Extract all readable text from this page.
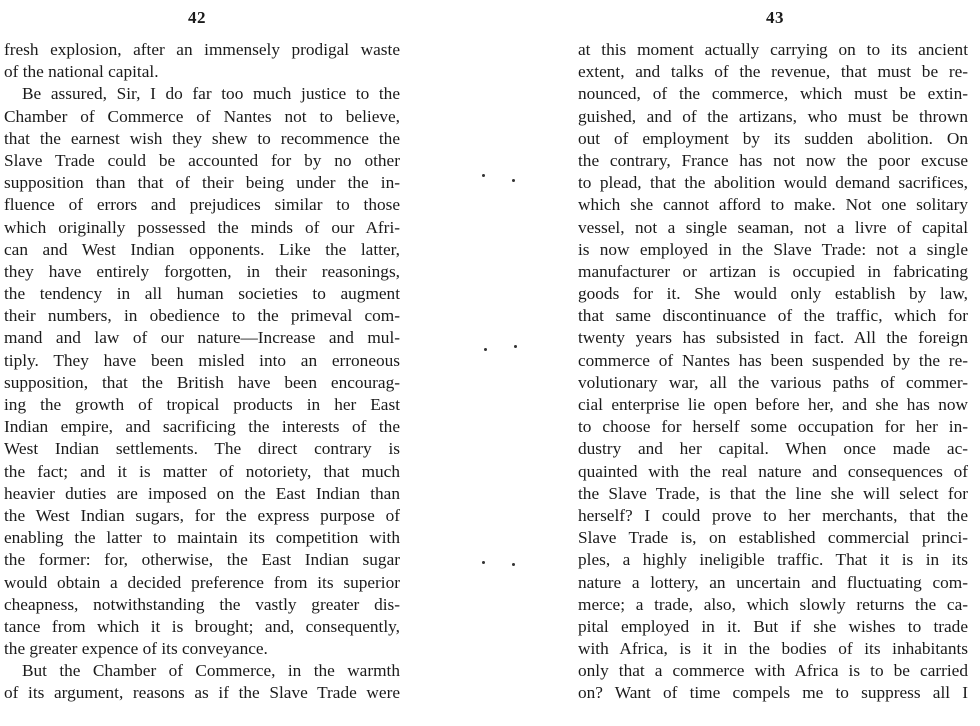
42
fresh explosion, after an immensely prodigal waste
of the national capital.
Be assured, Sir, I do far too much justice to the
Chamber of Commerce of Nantes not to believe,
that the earnest wish they shew to recommence the
Slave Trade could be accounted for by no other
supposition than that of their being under the in-
fluence of errors and prejudices similar to those
which originally possessed the minds of our Afri-
can and West Indian opponents. Like the latter,
they have entirely forgotten, in their reasonings,
the tendency in all human societies to augment
their numbers, in obedience to the primeval com-
mand and law of our nature—Increase and mul-
tiply. They have been misled into an erroneous
supposition, that the British have been encourag-
ing the growth of tropical products in her East
Indian empire, and sacrificing the interests of the
West Indian settlements. The direct contrary is
the fact; and it is matter of notoriety, that much
heavier duties are imposed on the East Indian than
the West Indian sugars, for the express purpose of
enabling the latter to maintain its competition with
the former: for, otherwise, the East Indian sugar
would obtain a decided preference from its superior
cheapness, notwithstanding the vastly greater dis-
tance from which it is brought; and, consequently,
the greater expence of its conveyance.
But the Chamber of Commerce, in the warmth
of its argument, reasons as if the Slave Trade were
43
at this moment actually carrying on to its ancient
extent, and talks of the revenue, that must be re-
nounced, of the commerce, which must be extin-
guished, and of the artizans, who must be thrown
out of employment by its sudden abolition. On
the contrary, France has not now the poor excuse
to plead, that the abolition would demand sacrifices,
which she cannot afford to make. Not one solitary
vessel, not a single seaman, not a livre of capital
is now employed in the Slave Trade: not a single
manufacturer or artizan is occupied in fabricating
goods for it. She would only establish by law,
that same discontinuance of the traffic, which for
twenty years has subsisted in fact. All the foreign
commerce of Nantes has been suspended by the re-
volutionary war, all the various paths of commer-
cial enterprise lie open before her, and she has now
to choose for herself some occupation for her in-
dustry and her capital. When once made ac-
quainted with the real nature and consequences of
the Slave Trade, is that the line she will select for
herself? I could prove to her merchants, that the
Slave Trade is, on established commercial princi-
ples, a highly ineligible traffic. That it is in its
nature a lottery, an uncertain and fluctuating com-
merce; a trade, also, which slowly returns the ca-
pital employed in it. But if she wishes to trade
with Africa, is it in the bodies of its inhabitants
only that a commerce with Africa is to be carried
on? Want of time compels me to suppress all I
